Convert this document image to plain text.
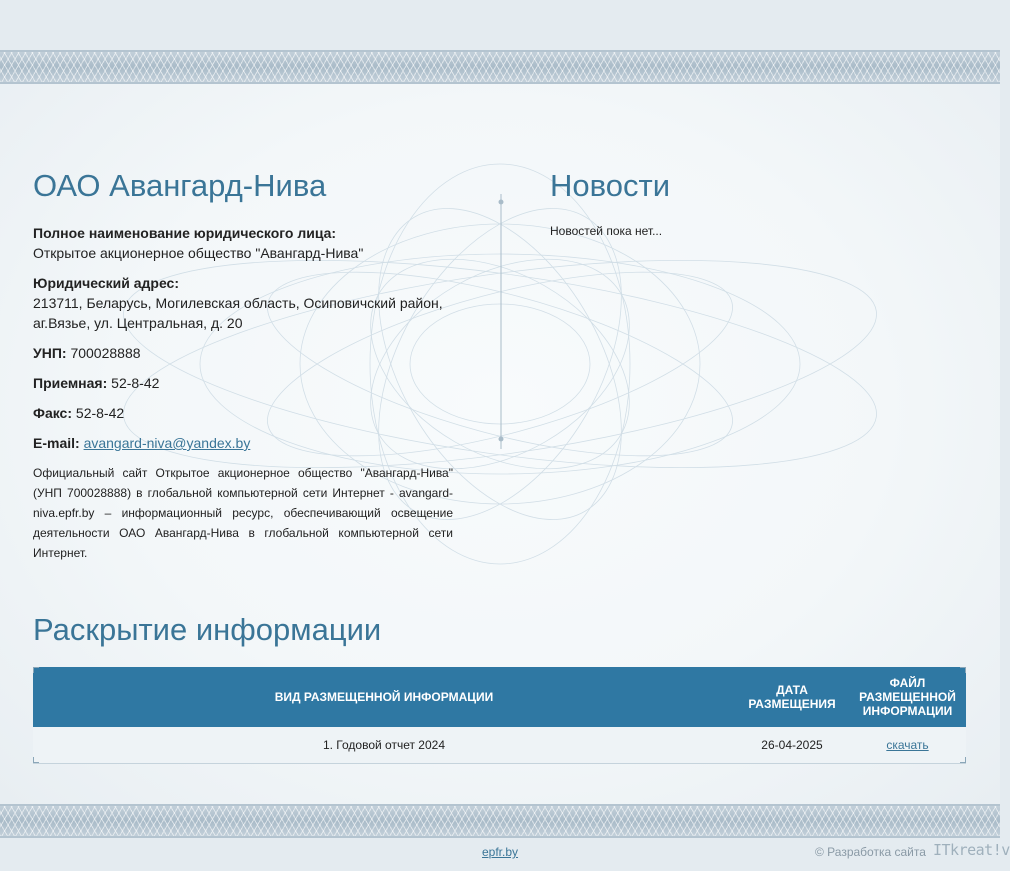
ОАО Авангард-Нива
Полное наименование юридического лица:
Открытое акционерное общество "Авангард-Нива"
Юридический адрес:
213711, Беларусь, Могилевская область, Осиповичский район, аг.Вязье, ул. Центральная, д. 20
УНП: 700028888
Приемная: 52-8-42
Факс: 52-8-42
E-mail: avangard-niva@yandex.by

Официальный сайт Открытое акционерное общество "Авангард-Нива" (УНП 700028888) в глобальной компьютерной сети Интернет - avangard-niva.epfr.by – информационный ресурс, обеспечивающий освещение деятельности ОАО Авангард-Нива в глобальной компьютерной сети Интернет.

Новости

Новостей пока нет...

Раскрытие информации
ВИД РАЗМЕЩЕННОЙ ИНФОРМАЦИИ	ДАТА РАЗМЕЩЕНИЯ	ФАЙЛ РАЗМЕЩЕННОЙ ИНФОРМАЦИИ
1. Годовой отчет 2024	26-04-2025	скачать
epfr.by	© Разработка сайта ITkreat!v
